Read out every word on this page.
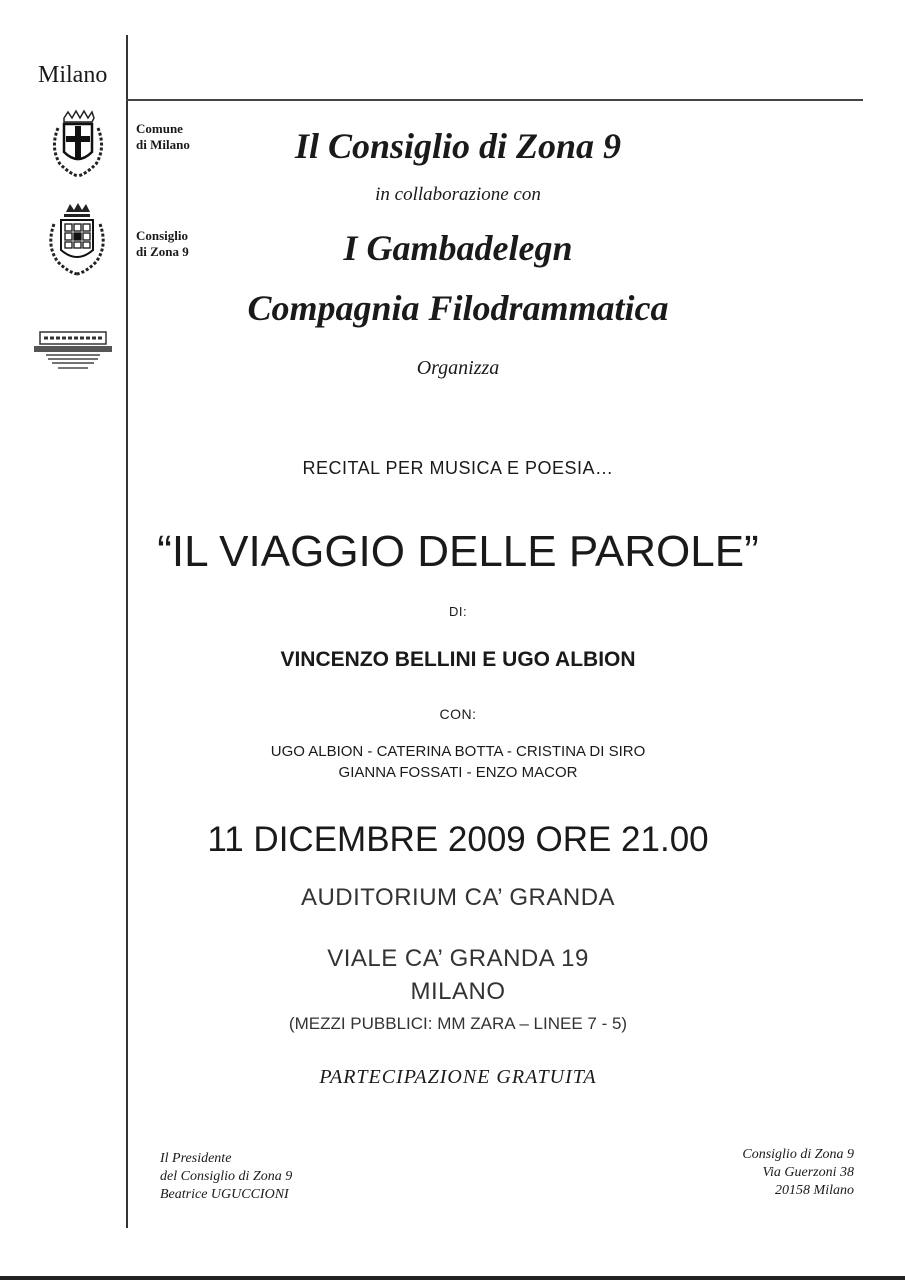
Milano
Comune
di Milano
Consiglio
di Zona 9
Il Consiglio di Zona 9
in collaborazione con
I Gambadelegn
Compagnia Filodrammatica
Organizza
RECITAL PER MUSICA E POESIA…
“IL VIAGGIO DELLE PAROLE”
DI:
VINCENZO BELLINI E UGO ALBION
CON:
UGO ALBION - CATERINA BOTTA - CRISTINA DI SIRO
GIANNA FOSSATI - ENZO MACOR
11 DICEMBRE 2009 ORE 21.00
AUDITORIUM CA’ GRANDA
VIALE CA’ GRANDA 19
MILANO
(MEZZI PUBBLICI: MM ZARA – LINEE 7 - 5)
PARTECIPAZIONE GRATUITA
Il Presidente
del Consiglio di Zona 9
Beatrice UGUCCIONI
Consiglio di Zona 9
Via Guerzoni 38
20158 Milano
